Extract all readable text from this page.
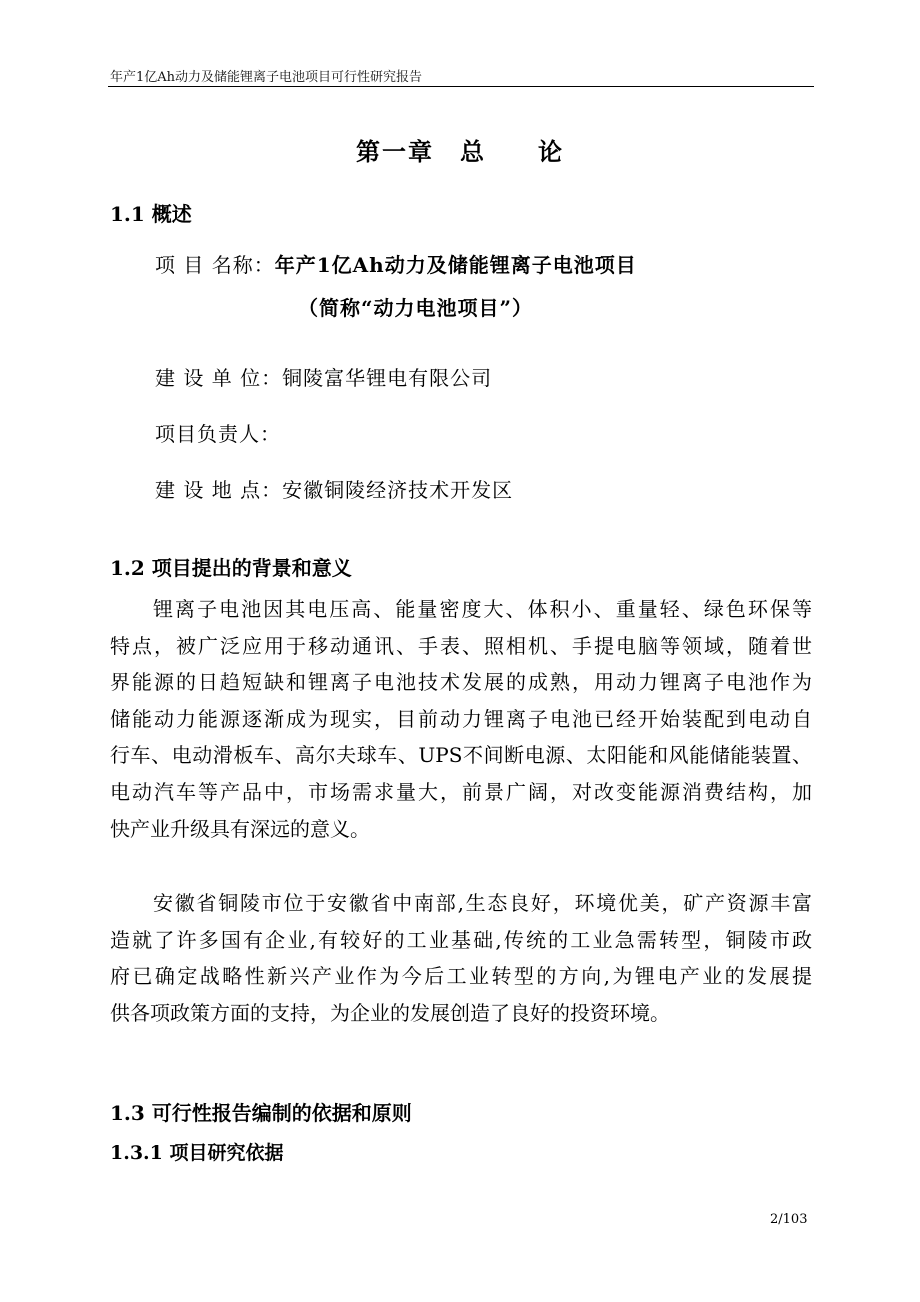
年产1亿Ah动力及储能锂离子电池项目可行性研究报告
第一章　总　　论
1.1 概述
项 目 名称：年产1亿Ah动力及储能锂离子电池项目
（简称“动力电池项目”）
建 设 单 位：铜陵富华锂电有限公司
项目负责人：
建 设 地 点：安徽铜陵经济技术开发区
1.2 项目提出的背景和意义
锂离子电池因其电压高、能量密度大、体积小、重量轻、绿色环保等
特点，被广泛应用于移动通讯、手表、照相机、手提电脑等领域，随着世
界能源的日趋短缺和锂离子电池技术发展的成熟，用动力锂离子电池作为
储能动力能源逐渐成为现实，目前动力锂离子电池已经开始装配到电动自
行车、电动滑板车、高尔夫球车、UPS不间断电源、太阳能和风能储能装置、
电动汽车等产品中，市场需求量大，前景广阔，对改变能源消费结构，加
快产业升级具有深远的意义。
安徽省铜陵市位于安徽省中南部,生态良好，环境优美，矿产资源丰富
造就了许多国有企业,有较好的工业基础,传统的工业急需转型，铜陵市政
府已确定战略性新兴产业作为今后工业转型的方向,为锂电产业的发展提
供各项政策方面的支持，为企业的发展创造了良好的投资环境。
1.3 可行性报告编制的依据和原则
1.3.1 项目研究依据
2/103
